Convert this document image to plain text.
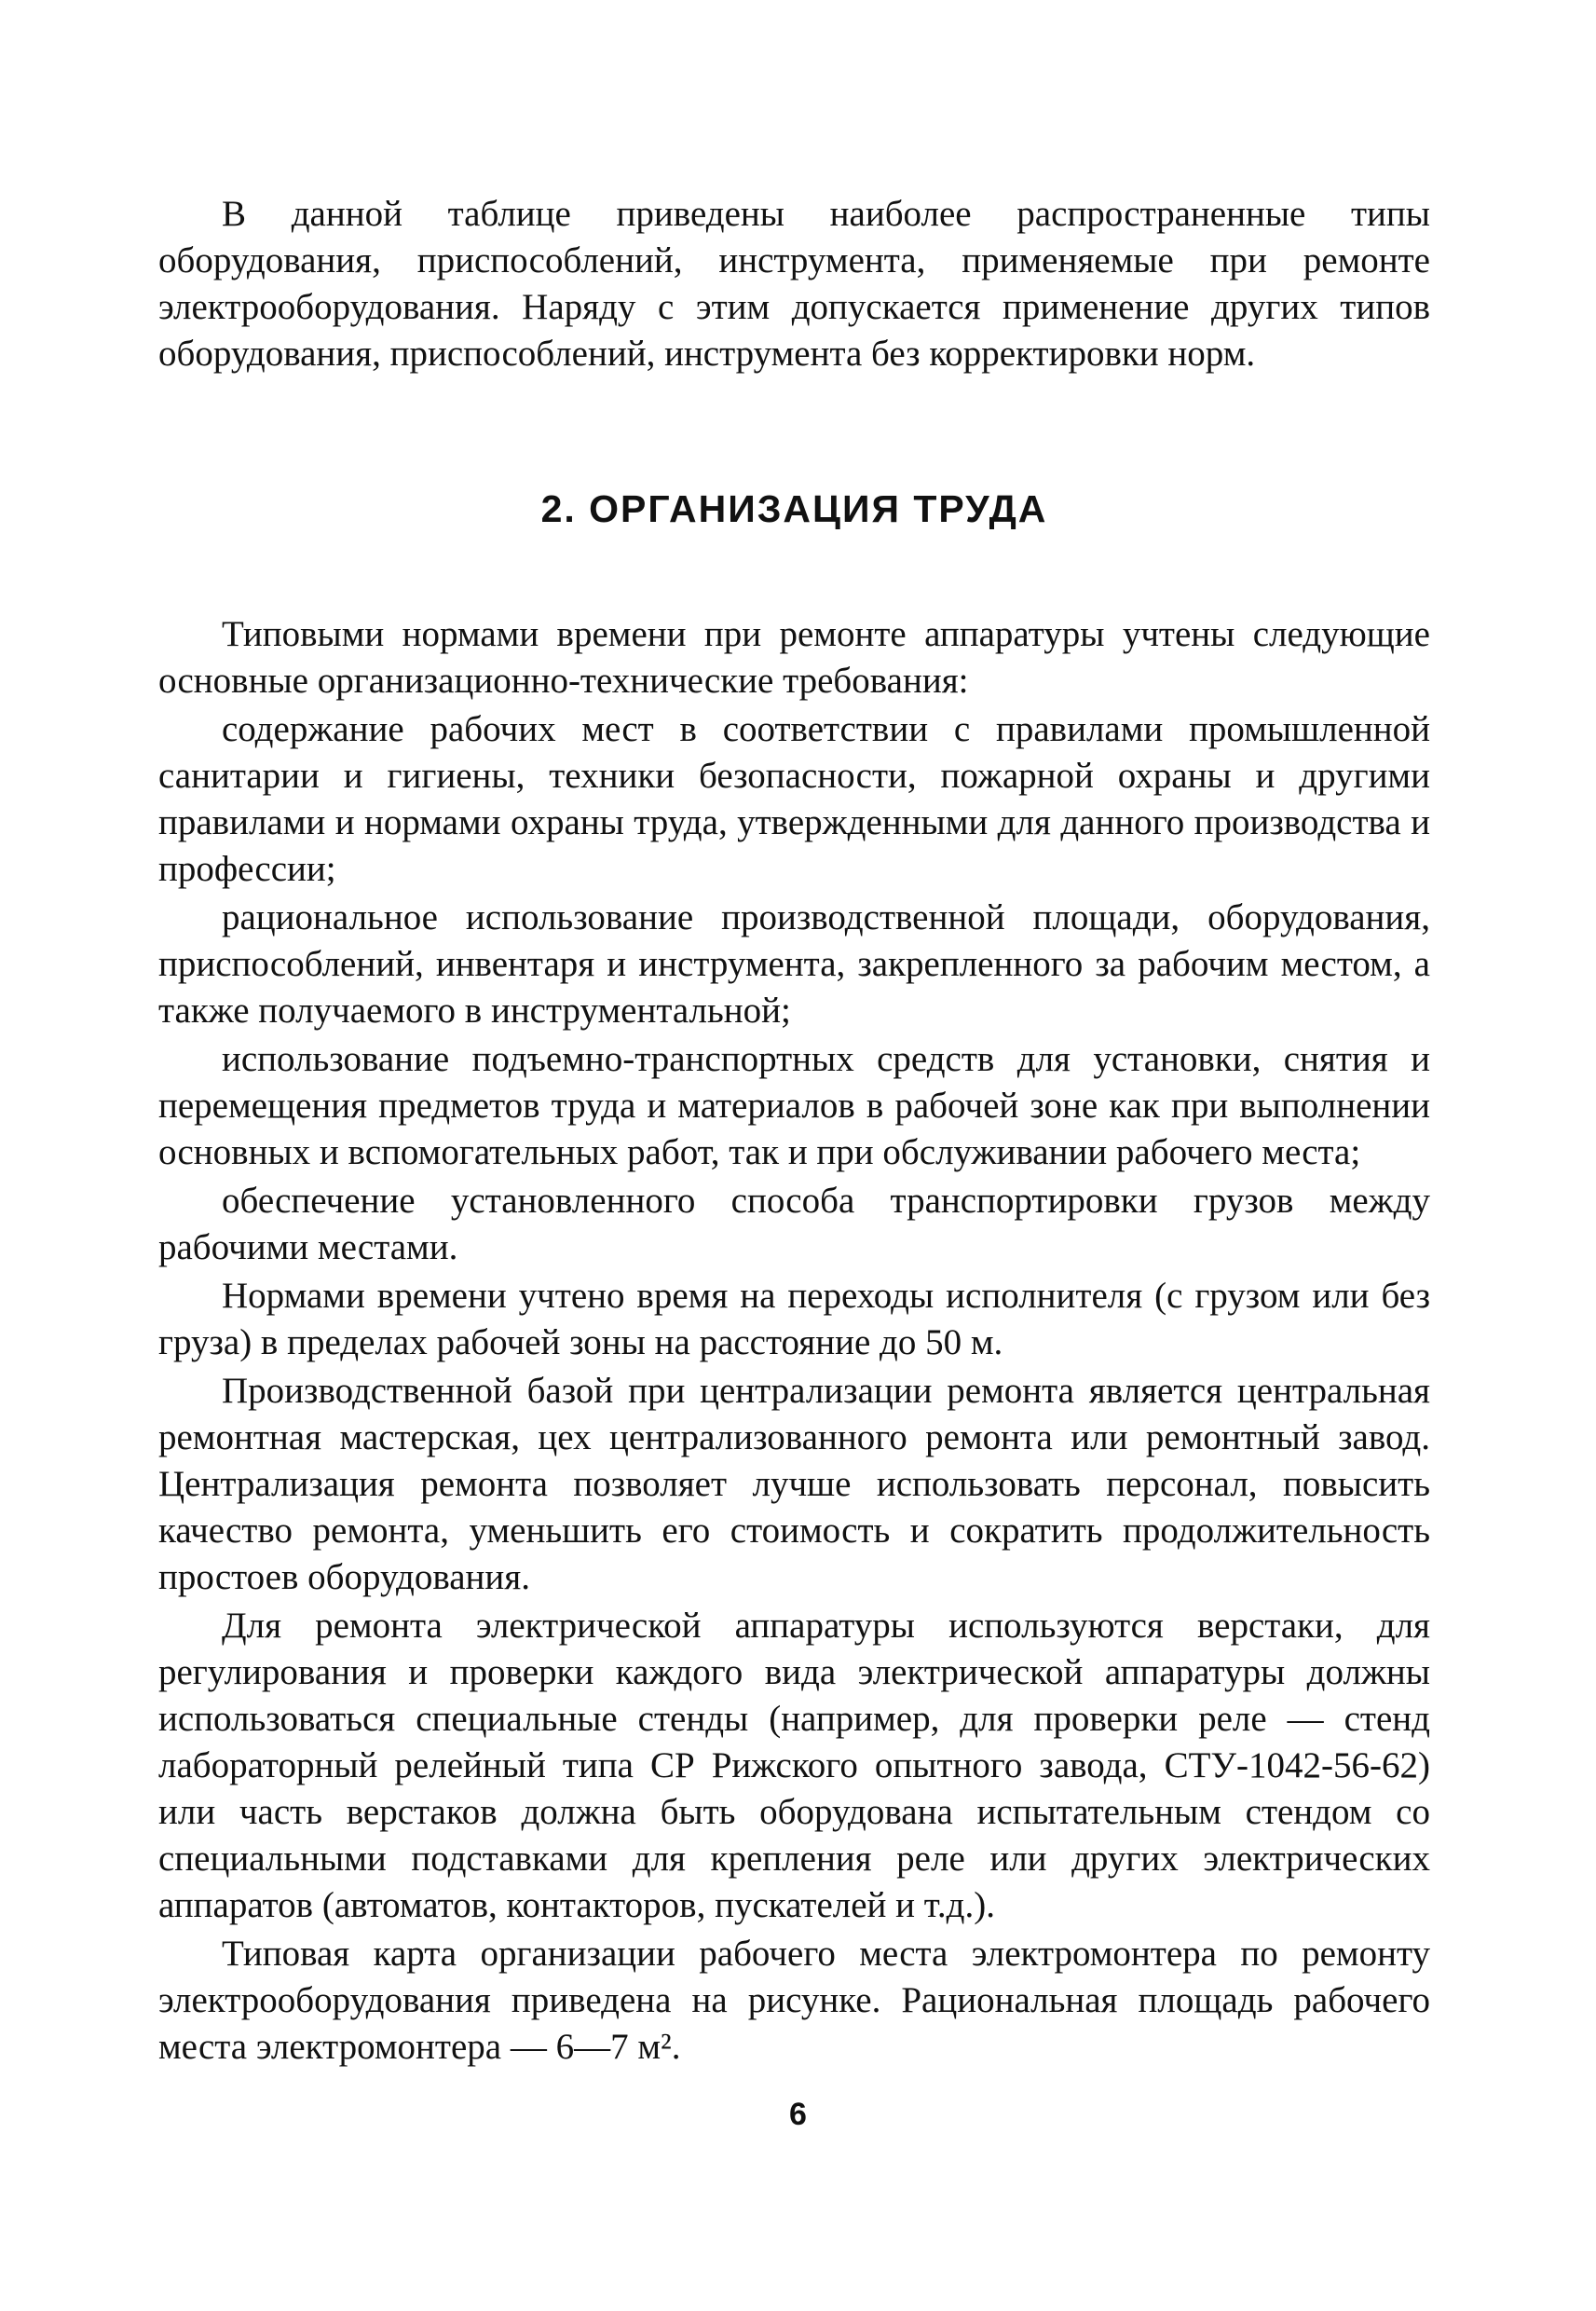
В данной таблице приведены наиболее распространенные типы оборудования, приспособлений, инструмента, применяемые при ремонте электрооборудования. Наряду с этим допускается применение других типов оборудования, приспособлений, инструмента без корректировки норм.

2. ОРГАНИЗАЦИЯ ТРУДА

Типовыми нормами времени при ремонте аппаратуры учтены следующие основные организационно-технические требования:

содержание рабочих мест в соответствии с правилами промышленной санитарии и гигиены, техники безопасности, пожарной охраны и другими правилами и нормами охраны труда, утвержденными для данного производства и профессии;

рациональное использование производственной площади, оборудования, приспособлений, инвентаря и инструмента, закрепленного за рабочим местом, а также получаемого в инструментальной;

использование подъемно-транспортных средств для установки, снятия и перемещения предметов труда и материалов в рабочей зоне как при выполнении основных и вспомогательных работ, так и при обслуживании рабочего места;

обеспечение установленного способа транспортировки грузов между рабочими местами.

Нормами времени учтено время на переходы исполнителя (с грузом или без груза) в пределах рабочей зоны на расстояние до 50 м.

Производственной базой при централизации ремонта является центральная ремонтная мастерская, цех централизованного ремонта или ремонтный завод. Централизация ремонта позволяет лучше использовать персонал, повысить качество ремонта, уменьшить его стоимость и сократить продолжительность простоев оборудования.

Для ремонта электрической аппаратуры используются верстаки, для регулирования и проверки каждого вида электрической аппаратуры должны использоваться специальные стенды (например, для проверки реле — стенд лабораторный релейный типа СР Рижского опытного завода, СТУ-1042-56-62) или часть верстаков должна быть оборудована испытательным стендом со специальными подставками для крепления реле или других электрических аппаратов (автоматов, контакторов, пускателей и т.д.).

Типовая карта организации рабочего места электромонтера по ремонту электрооборудования приведена на рисунке. Рациональная площадь рабочего места электромонтера — 6—7 м².

6
